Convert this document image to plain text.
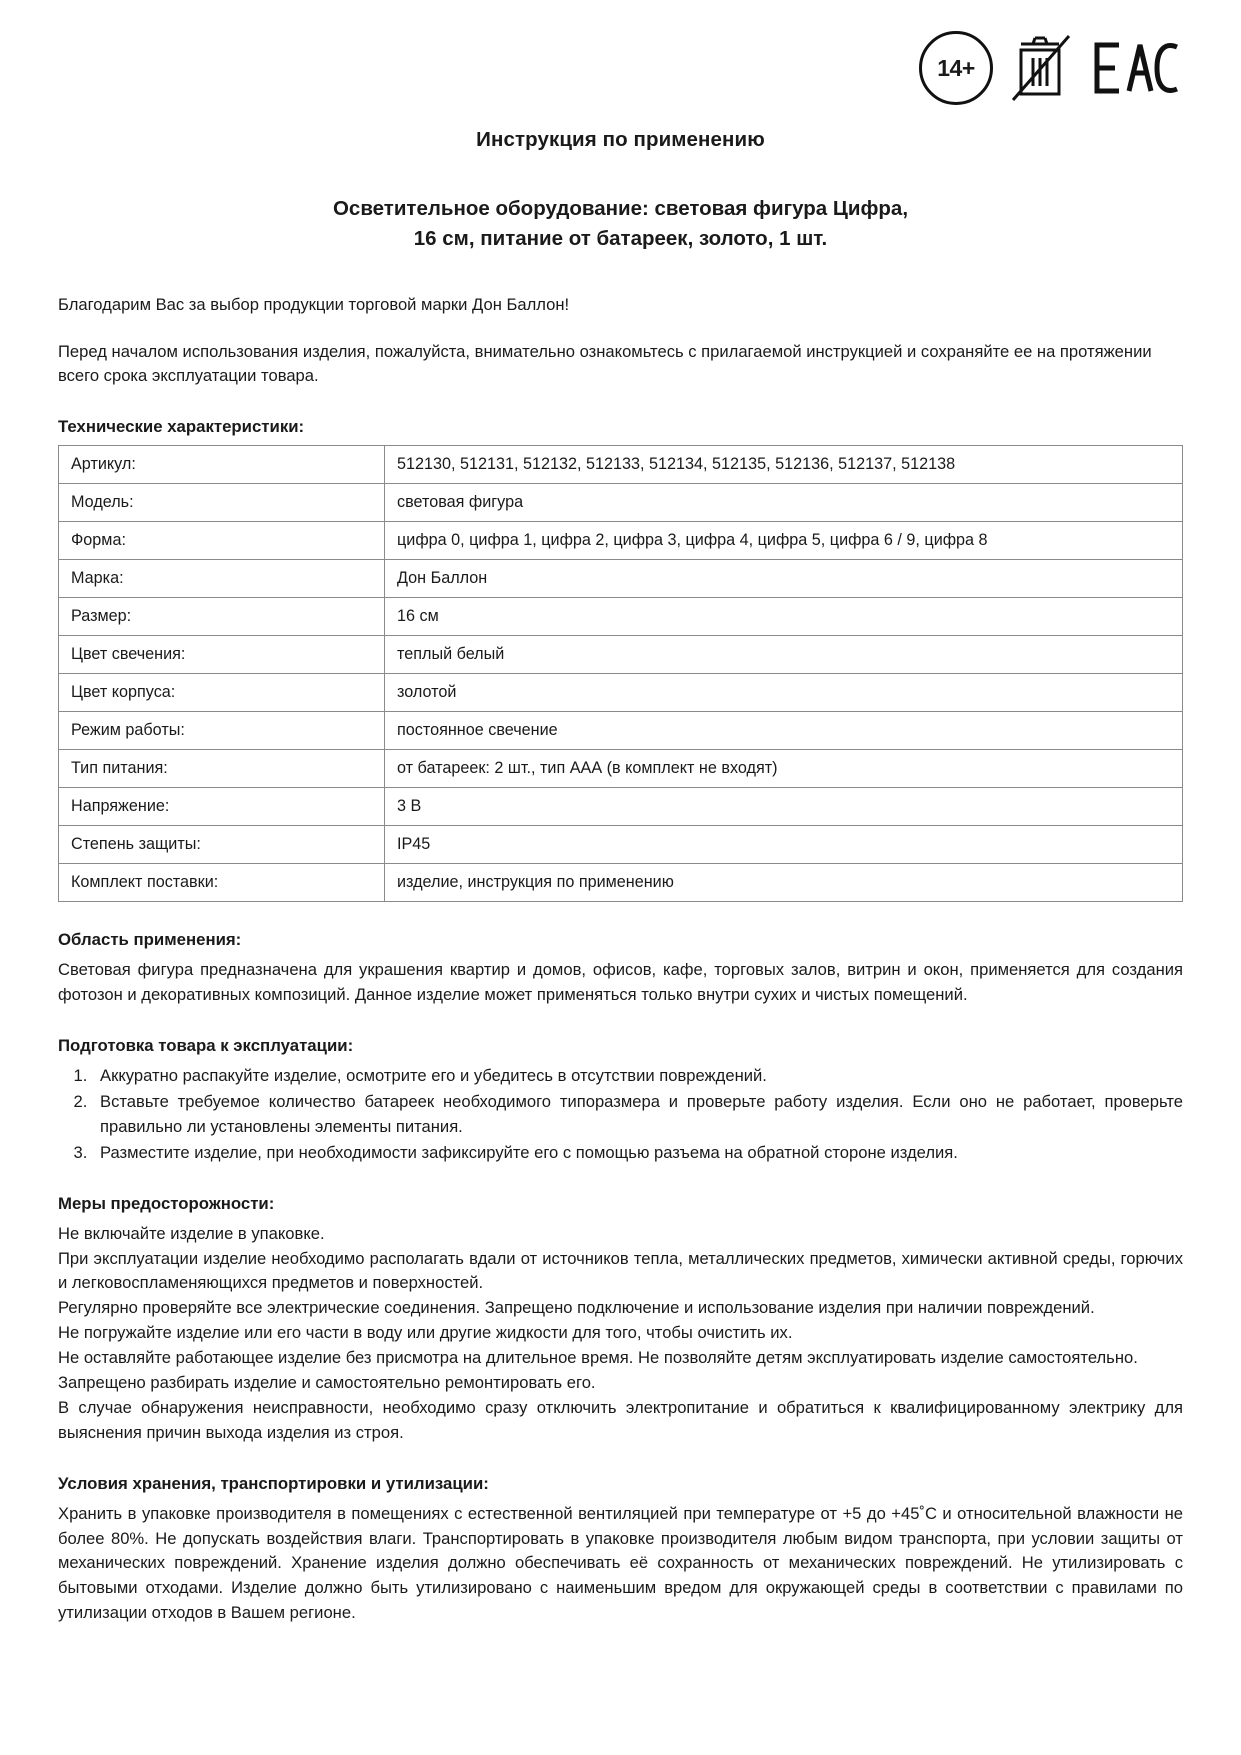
14+
Инструкция по применению
Осветительное оборудование: световая фигура Цифра,
16 см, питание от батареек, золото, 1 шт.

Благодарим Вас за выбор продукции торговой марки Дон Баллон!

Перед началом использования изделия, пожалуйста, внимательно ознакомьтесь с прилагаемой инструкцией и сохраняйте ее на протяжении всего срока эксплуатации товара.

Технические характеристики:
Артикул:	512130, 512131, 512132, 512133, 512134, 512135, 512136, 512137, 512138
Модель:	световая фигура
Форма:	цифра 0, цифра 1, цифра 2, цифра 3, цифра 4, цифра 5, цифра 6 / 9, цифра 8
Марка:	Дон Баллон
Размер:	16 см
Цвет свечения:	теплый белый
Цвет корпуса:	золотой
Режим работы:	постоянное свечение
Тип питания:	от батареек: 2 шт., тип ААА (в комплект не входят)
Напряжение:	3 В
Степень защиты:	IP45
Комплект поставки:	изделие, инструкция по применению
Область применения:

Световая фигура предназначена для украшения квартир и домов, офисов, кафе, торговых залов, витрин и окон, применяется для создания фотозон и декоративных композиций. Данное изделие может применяться только внутри сухих и чистых помещений.

Подготовка товара к эксплуатации:
1. Аккуратно распакуйте изделие, осмотрите его и убедитесь в отсутствии повреждений.
2. Вставьте требуемое количество батареек необходимого типоразмера и проверьте работу изделия. Если оно не работает, проверьте правильно ли установлены элементы питания.
3. Разместите изделие, при необходимости зафиксируйте его с помощью разъема на обратной стороне изделия.
Меры предосторожности:

Не включайте изделие в упаковке.

При эксплуатации изделие необходимо располагать вдали от источников тепла, металлических предметов, химически активной среды, горючих и легковоспламеняющихся предметов и поверхностей.

Регулярно проверяйте все электрические соединения. Запрещено подключение и использование изделия при наличии повреждений.

Не погружайте изделие или его части в воду или другие жидкости для того, чтобы очистить их.

Не оставляйте работающее изделие без присмотра на длительное время. Не позволяйте детям эксплуатировать изделие самостоятельно.

Запрещено разбирать изделие и самостоятельно ремонтировать его.

В случае обнаружения неисправности, необходимо сразу отключить электропитание и обратиться к квалифицированному электрику для выяснения причин выхода изделия из строя.

Условия хранения, транспортировки и утилизации:

Хранить в упаковке производителя в помещениях с естественной вентиляцией при температуре от +5 до +45˚С и относительной влажности не более 80%. Не допускать воздействия влаги. Транспортировать в упаковке производителя любым видом транспорта, при условии защиты от механических повреждений. Хранение изделия должно обеспечивать её сохранность от механических повреждений. Не утилизировать с бытовыми отходами. Изделие должно быть утилизировано с наименьшим вредом для окружающей среды в соответствии с правилами по утилизации отходов в Вашем регионе.
